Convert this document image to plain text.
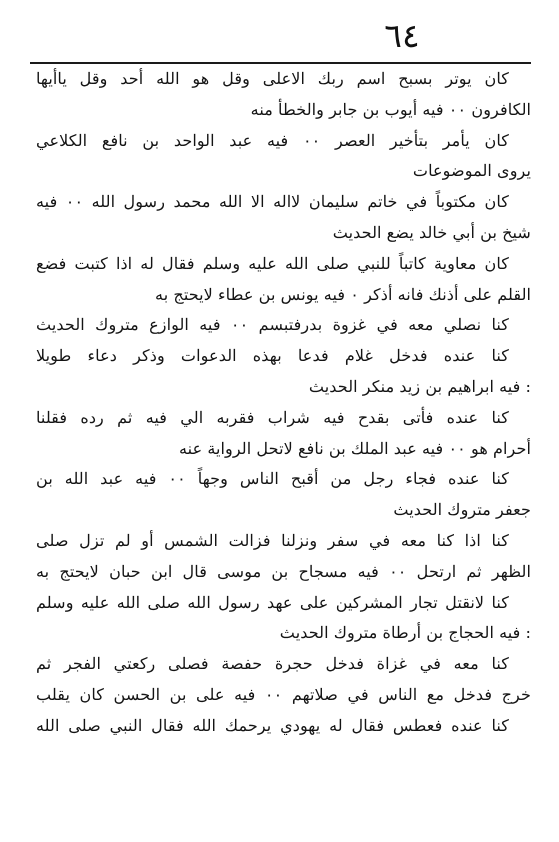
٦٤
كان يوتر بسبح اسم ربك الاعلى وقل هو الله أحد وقل ياأيها
الكافرون ٠٠ فيه أيوب بن جابر والخطأ منه
كان يأمر بتأخير العصر ٠٠ فيه عبد الواحد بن نافع الكلاعي
يروى الموضوعات
كان مكتوباً في خاتم سليمان لااله الا الله محمد رسول الله ٠٠ فيه
شيخ بن أبي خالد يضع الحديث
كان معاوية كاتباً للنبي صلى الله عليه وسلم فقال له اذا كتبت فضع
القلم على أذنك فانه أذكر ٠ فيه يونس بن عطاء لايحتج به
كنا نصلي معه في غزوة بدرفتبسم ٠٠ فيه الوازع متروك الحديث
كنا عنده فدخل غلام فدعا بهذه الدعوات وذكر دعاء طويلا
: فيه ابراهيم بن زيد منكر الحديث
كنا عنده فأتى بقدح فيه شراب فقربه الي فيه ثم رده فقلنا
أحرام هو ٠٠ فيه عبد الملك بن نافع لاتحل الرواية عنه
كنا عنده فجاء رجل من أقبح الناس وجهاً ٠٠ فيه عبد الله بن
جعفر متروك الحديث
كنا اذا كنا معه في سفر ونزلنا فزالت الشمس أو لم تزل صلى
الظهر ثم ارتحل ٠٠ فيه مسجاح بن موسى قال ابن حبان لايحتج به
كنا لانقتل تجار المشركين على عهد رسول الله صلى الله عليه وسلم
: فيه الحجاج بن أرطاة متروك الحديث
كنا معه في غزاة فدخل حجرة حفصة فصلى ركعتي الفجر ثم
خرج فدخل مع الناس في صلاتهم ٠٠ فيه على بن الحسن كان يقلب
كنا عنده فعطس فقال له يهودي يرحمك الله فقال النبي صلى الله
